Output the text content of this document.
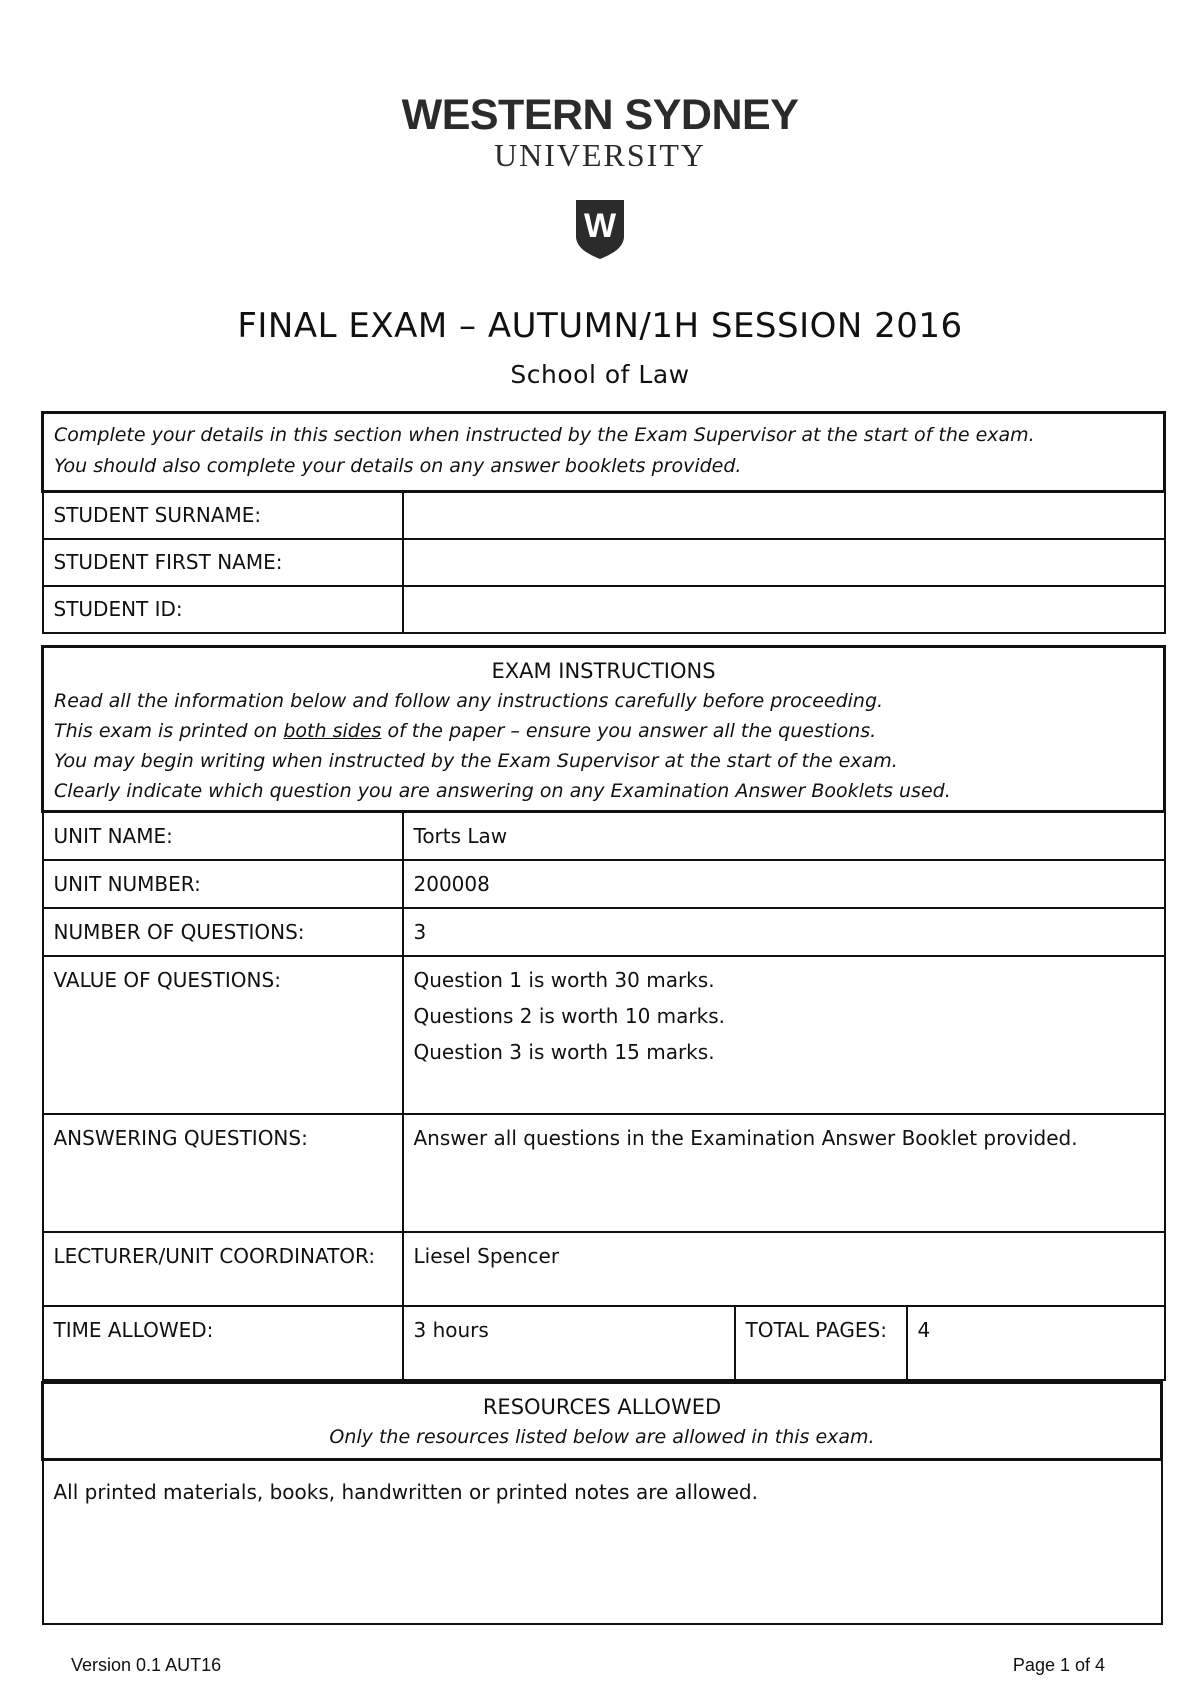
WESTERN SYDNEY
UNIVERSITY
W
FINAL EXAM – AUTUMN/1H SESSION 2016
School of Law
Complete your details in this section when instructed by the Exam Supervisor at the start of the exam.
You should also complete your details on any answer booklets provided.	

STUDENT SURNAME:	
STUDENT FIRST NAME:	
STUDENT ID:	
EXAM INSTRUCTIONS
Read all the information below and follow any instructions carefully before proceeding.
This exam is printed on both sides of the paper – ensure you answer all the questions.
You may begin writing when instructed by the Exam Supervisor at the start of the exam.
Clearly indicate which question you are answering on any Examination Answer Booklets used.			

UNIT NAME:	Torts Law		
UNIT NUMBER:	200008		
NUMBER OF QUESTIONS:	3		
VALUE OF QUESTIONS:	Question 1 is worth 30 marks.
Questions 2 is worth 10 marks.
Question 3 is worth 15 marks.		

ANSWERING QUESTIONS:	Answer all questions in the Examination Answer Booklet provided.		
LECTURER/UNIT COORDINATOR:	Liesel Spencer		
TIME ALLOWED:	3 hours	TOTAL PAGES:	4
RESOURCES ALLOWED
Only the resources listed below are allowed in this exam.

All printed materials, books, handwritten or printed notes are allowed.
Version 0.1 AUT16	Page 1 of 4
